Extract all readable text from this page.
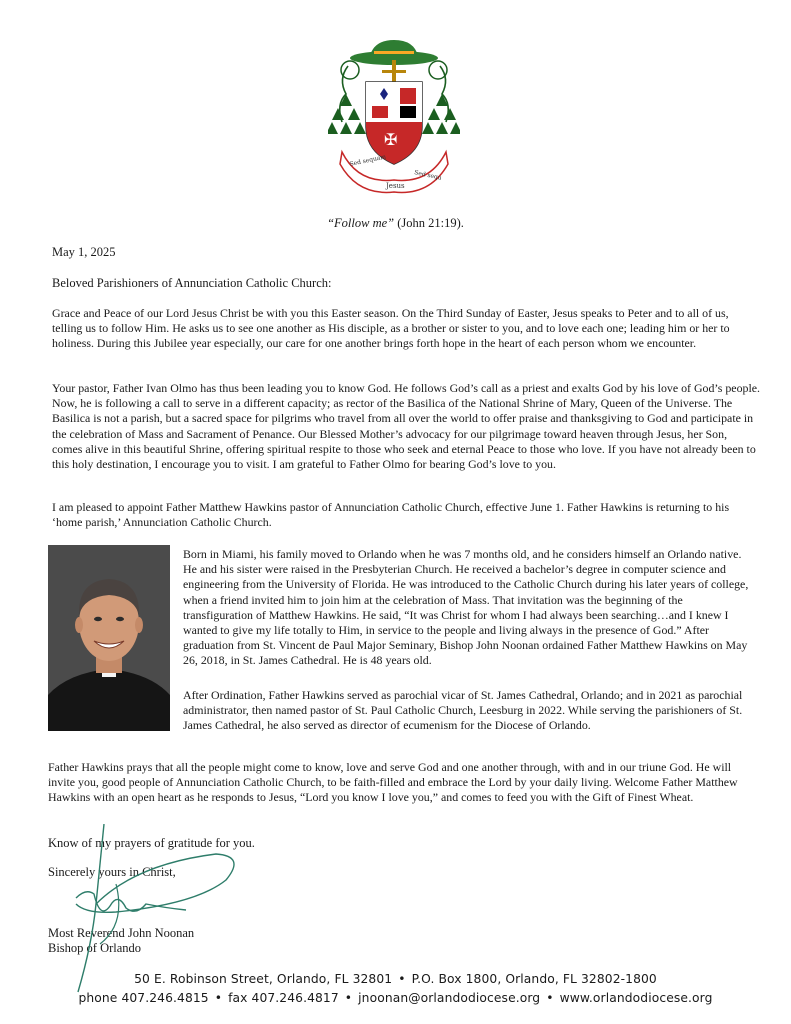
✠
Sed sequam
Jesus
Sed sequ
“Follow me” (John 21:19).
May 1, 2025
Beloved Parishioners of Annunciation Catholic Church:

Grace and Peace of our Lord Jesus Christ be with you this Easter season. On the Third Sunday of Easter, Jesus speaks to Peter and to all of us, telling us to follow Him. He asks us to see one another as His disciple, as a brother or sister to you, and to love each one; leading him or her to holiness. During this Jubilee year especially, our care for one another brings forth hope in the heart of each person whom we encounter.

Your pastor, Father Ivan Olmo has thus been leading you to know God. He follows God’s call as a priest and exalts God by his love of God’s people. Now, he is following a call to serve in a different capacity; as rector of the Basilica of the National Shrine of Mary, Queen of the Universe. The Basilica is not a parish, but a sacred space for pilgrims who travel from all over the world to offer praise and thanksgiving to God and participate in the celebration of Mass and Sacrament of Penance. Our Blessed Mother’s advocacy for our pilgrimage toward heaven through Jesus, her Son, comes alive in this beautiful Shrine, offering spiritual respite to those who seek and eternal Peace to those who love. If you have not already been to this holy destination, I encourage you to visit. I am grateful to Father Olmo for bearing God’s love to you.

I am pleased to appoint Father Matthew Hawkins pastor of Annunciation Catholic Church, effective June 1. Father Hawkins is returning to his ‘home parish,’ Annunciation Catholic Church.

Born in Miami, his family moved to Orlando when he was 7 months old, and he considers himself an Orlando native. He and his sister were raised in the Presbyterian Church. He received a bachelor’s degree in computer science and engineering from the University of Florida. He was introduced to the Catholic Church during his later years of college, when a friend invited him to join him at the celebration of Mass. That invitation was the beginning of the transfiguration of Matthew Hawkins. He said, “It was Christ for whom I had always been searching…and I knew I wanted to give my life totally to Him, in service to the people and living always in the presence of God.” After graduation from St. Vincent de Paul Major Seminary, Bishop John Noonan ordained Father Matthew Hawkins on May 26, 2018, in St. James Cathedral. He is 48 years old.

After Ordination, Father Hawkins served as parochial vicar of St. James Cathedral, Orlando; and in 2021 as parochial administrator, then named pastor of St. Paul Catholic Church, Leesburg in 2022. While serving the parishioners of St. James Cathedral, he also served as director of ecumenism for the Diocese of Orlando.

Father Hawkins prays that all the people might come to know, love and serve God and one another through, with and in our triune God. He will invite you, good people of Annunciation Catholic Church, to be faith-filled and embrace the Lord by your daily living. Welcome Father Matthew Hawkins with an open heart as he responds to Jesus, “Lord you know I love you,” and comes to feed you with the Gift of Finest Wheat.

Know of my prayers of gratitude for you.
Sincerely yours in Christ,
Most Reverend John Noonan
Bishop of Orlando
50 E. Robinson Street, Orlando, FL 32801 • P.O. Box 1800, Orlando, FL 32802-1800
phone 407.246.4815 • fax 407.246.4817 • jnoonan@orlandodiocese.org • www.orlandodiocese.org
